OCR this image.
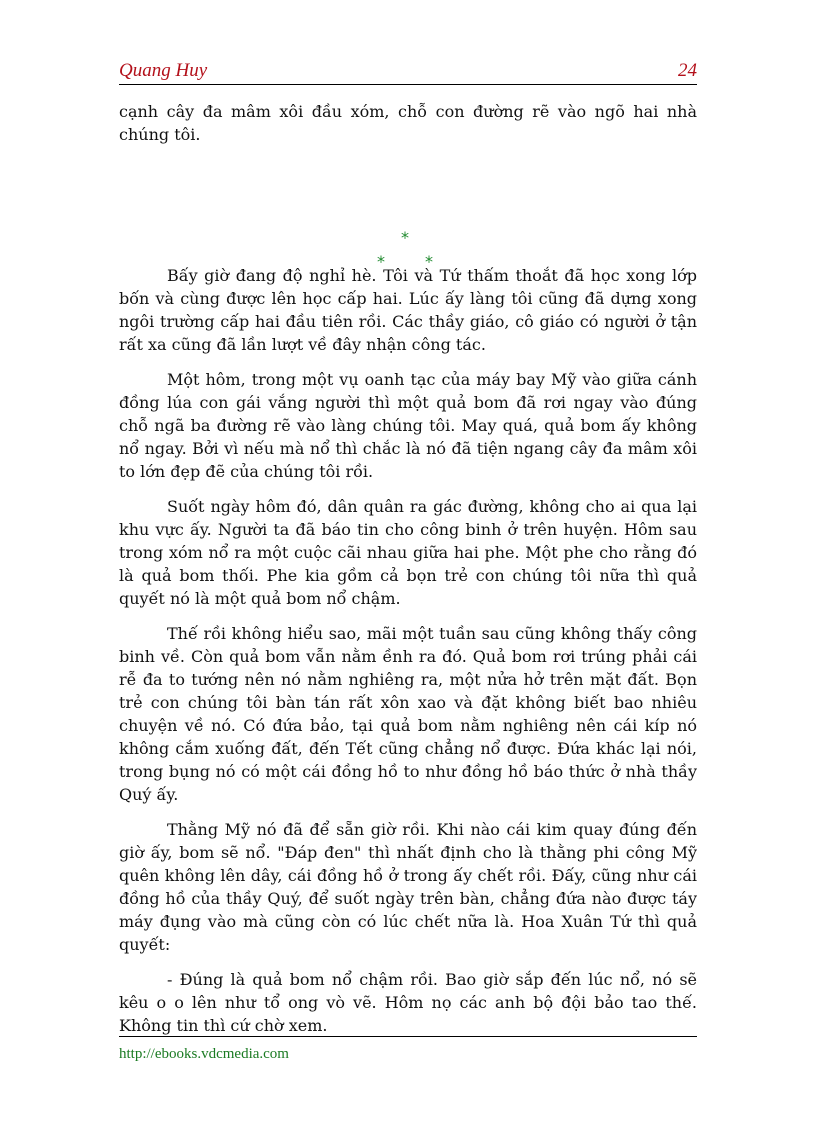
Quang Huy	24

cạnh cây đa mâm xôi đầu xóm, chỗ con đường rẽ vào ngõ hai nhà chúng tôi.

*
*	*

Bấy giờ đang độ nghỉ hè. Tôi và Tứ thấm thoắt đã học xong lớp bốn và cùng được lên học cấp hai. Lúc ấy làng tôi cũng đã dựng xong ngôi trường cấp hai đầu tiên rồi. Các thầy giáo, cô giáo có người ở tận rất xa cũng đã lần lượt về đây nhận công tác.

Một hôm, trong một vụ oanh tạc của máy bay Mỹ vào giữa cánh đồng lúa con gái vắng người thì một quả bom đã rơi ngay vào đúng chỗ ngã ba đường rẽ vào làng chúng tôi. May quá, quả bom ấy không nổ ngay. Bởi vì nếu mà nổ thì chắc là nó đã tiện ngang cây đa mâm xôi to lớn đẹp đẽ của chúng tôi rồi.

Suốt ngày hôm đó, dân quân ra gác đường, không cho ai qua lại khu vực ấy. Người ta đã báo tin cho công binh ở trên huyện. Hôm sau trong xóm nổ ra một cuộc cãi nhau giữa hai phe. Một phe cho rằng đó là quả bom thối. Phe kia gồm cả bọn trẻ con chúng tôi nữa thì quả quyết nó là một quả bom nổ chậm.

Thế rồi không hiểu sao, mãi một tuần sau cũng không thấy công binh về. Còn quả bom vẫn nằm ềnh ra đó. Quả bom rơi trúng phải cái rễ đa to tướng nên nó nằm nghiêng ra, một nửa hở trên mặt đất. Bọn trẻ con chúng tôi bàn tán rất xôn xao và đặt không biết bao nhiêu chuyện về nó. Có đứa bảo, tại quả bom nằm nghiêng nên cái kíp nó không cắm xuống đất, đến Tết cũng chẳng nổ được. Đứa khác lại nói, trong bụng nó có một cái đồng hồ to như đồng hồ báo thức ở nhà thầy Quý ấy.

Thằng Mỹ nó đã để sẵn giờ rồi. Khi nào cái kim quay đúng đến giờ ấy, bom sẽ nổ. "Đáp đen" thì nhất định cho là thằng phi công Mỹ quên không lên dây, cái đồng hồ ở trong ấy chết rồi. Đấy, cũng như cái đồng hồ của thầy Quý, để suốt ngày trên bàn, chẳng đứa nào được táy máy đụng vào mà cũng còn có lúc chết nữa là. Hoa Xuân Tứ thì quả quyết:

- Đúng là quả bom nổ chậm rồi. Bao giờ sắp đến lúc nổ, nó sẽ kêu o o lên như tổ ong vò vẽ. Hôm nọ các anh bộ đội bảo tao thế. Không tin thì cứ chờ xem.

http://ebooks.vdcmedia.com
